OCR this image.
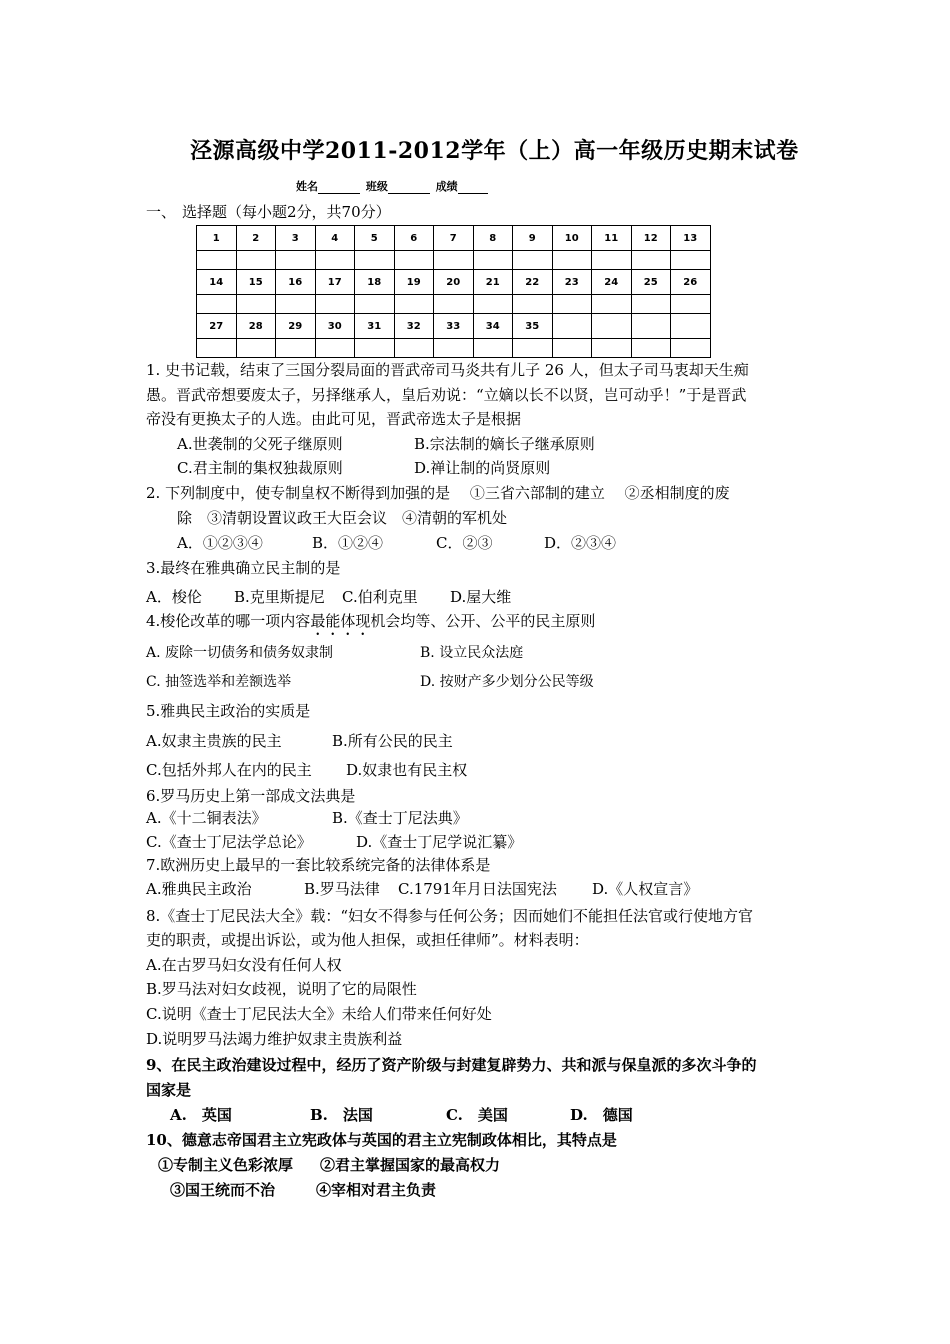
泾源高级中学2011-2012学年（上）高一年级历史期末试卷
姓名	班级	成绩
一、 选择题（每小题2分，共70分）
1	2	3	4	5	6	7	8	9	10	11	12	13

14	15	16	17	18	19	20	21	22	23	24	25	26

27	28	29	30	31	32	33	34	35				

1. 史书记载，结束了三国分裂局面的晋武帝司马炎共有儿子 26 人，但太子司马衷却天生痴
愚。晋武帝想要废太子，另择继承人，皇后劝说：“立嫡以长不以贤，岂可动乎！”于是晋武
帝没有更换太子的人选。由此可见，晋武帝选太子是根据
A.世袭制的父死子继原则	B.宗法制的嫡长子继承原则
C.君主制的集权独裁原则	D.禅让制的尚贤原则
2. 下列制度中，使专制皇权不断得到加强的是　 ①三省六部制的建立　 ②丞相制度的废
除　③清朝设置议政王大臣会议　④清朝的军机处
A．①②③④	B．①②④	C．②③	D．②③④
3.最终在雅典确立民主制的是
A．梭伦 B.克里斯提尼 C.伯利克里 D.屋大维
4.梭伦改革的哪一项内容最能体现机会均等、公开、公平的民主原则
A. 废除一切债务和债务奴隶制	B. 设立民众法庭
C. 抽签选举和差额选举	D. 按财产多少划分公民等级
5.雅典民主政治的实质是
A.奴隶主贵族的民主	B.所有公民的民主
C.包括外邦人在内的民主 D.奴隶也有民主权
6.罗马历史上第一部成文法典是
A.《十二铜表法》	B.《查士丁尼法典》
C.《查士丁尼法学总论》	D.《查士丁尼学说汇纂》
7.欧洲历史上最早的一套比较系统完备的法律体系是
A.雅典民主政治	B.罗马法律 C.1791年月日法国宪法 D.《人权宣言》
8.《查士丁尼民法大全》载：“妇女不得参与任何公务；因而她们不能担任法官或行使地方官
吏的职责，或提出诉讼，或为他人担保，或担任律师”。材料表明：
A.在古罗马妇女没有任何人权
B.罗马法对妇女歧视，说明了它的局限性
C.说明《查士丁尼民法大全》未给人们带来任何好处
D.说明罗马法竭力维护奴隶主贵族利益
9、在民主政治建设过程中，经历了资产阶级与封建复辟势力、共和派与保皇派的多次斗争的
国家是
A.　英国	B.　法国	C.　美国	D.　德国
10、德意志帝国君主立宪政体与英国的君主立宪制政体相比，其特点是
①专制主义色彩浓厚 ②君主掌握国家的最高权力
③国王统而不治	④宰相对君主负责
